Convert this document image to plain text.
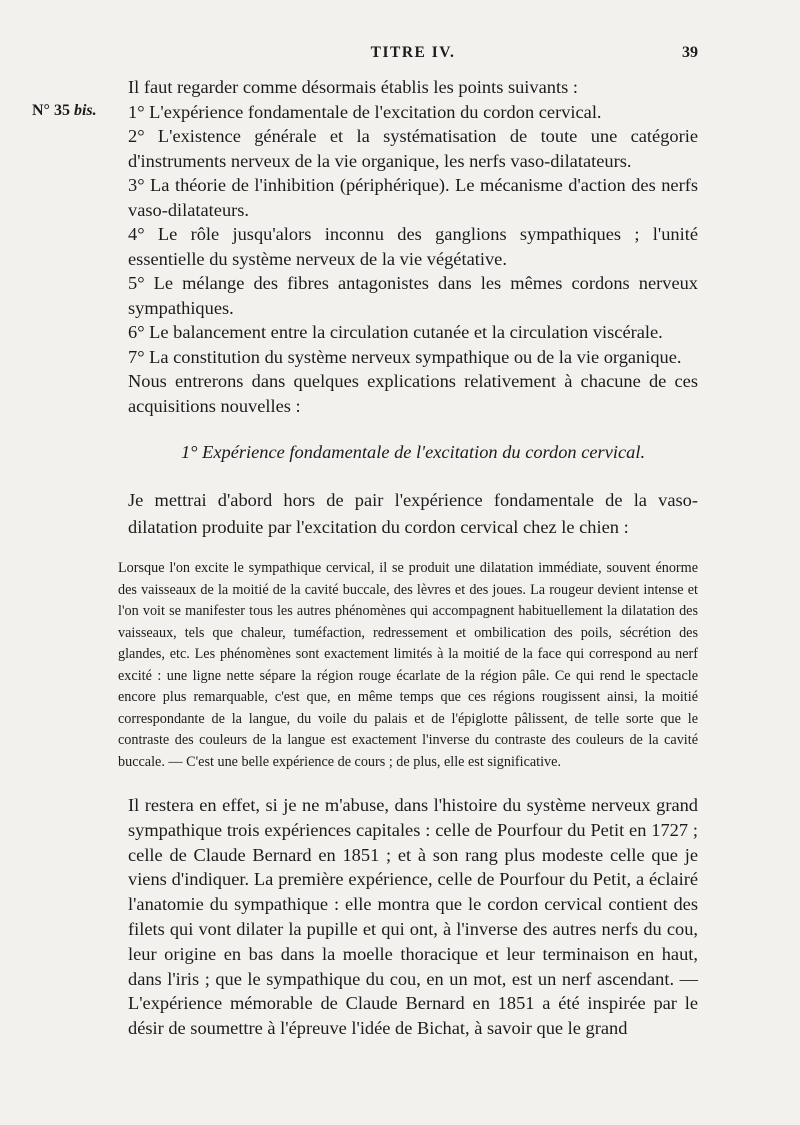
TITRE IV.	39
N° 35 bis.

Il faut regarder comme désormais établis les points suivants :

1° L'expérience fondamentale de l'excitation du cordon cervical.

2° L'existence générale et la systématisation de toute une catégorie d'instruments nerveux de la vie organique, les nerfs vaso-dilatateurs.

3° La théorie de l'inhibition (périphérique). Le mécanisme d'action des nerfs vaso-dilatateurs.

4° Le rôle jusqu'alors inconnu des ganglions sympathiques ; l'unité essentielle du système nerveux de la vie végétative.

5° Le mélange des fibres antagonistes dans les mêmes cordons nerveux sympathiques.

6° Le balancement entre la circulation cutanée et la circulation viscérale.

7° La constitution du système nerveux sympathique ou de la vie organique.

Nous entrerons dans quelques explications relativement à chacune de ces acquisitions nouvelles :

1° Expérience fondamentale de l'excitation du cordon cervical.

Je mettrai d'abord hors de pair l'expérience fondamentale de la vaso-dilatation produite par l'excitation du cordon cervical chez le chien :

Lorsque l'on excite le sympathique cervical, il se produit une dilatation immédiate, souvent énorme des vaisseaux de la moitié de la cavité buccale, des lèvres et des joues. La rougeur devient intense et l'on voit se manifester tous les autres phénomènes qui accompagnent habituellement la dilatation des vaisseaux, tels que chaleur, tuméfaction, redressement et ombilication des poils, sécrétion des glandes, etc. Les phénomènes sont exactement limités à la moitié de la face qui correspond au nerf excité : une ligne nette sépare la région rouge écarlate de la région pâle. Ce qui rend le spectacle encore plus remarquable, c'est que, en même temps que ces régions rougissent ainsi, la moitié correspondante de la langue, du voile du palais et de l'épiglotte pâlissent, de telle sorte que le contraste des couleurs de la langue est exactement l'inverse du contraste des couleurs de la cavité buccale. — C'est une belle expérience de cours ; de plus, elle est significative.

Il restera en effet, si je ne m'abuse, dans l'histoire du système nerveux grand sympathique trois expériences capitales : celle de Pourfour du Petit en 1727 ; celle de Claude Bernard en 1851 ; et à son rang plus modeste celle que je viens d'indiquer. La première expérience, celle de Pourfour du Petit, a éclairé l'anatomie du sympathique : elle montra que le cordon cervical contient des filets qui vont dilater la pupille et qui ont, à l'inverse des autres nerfs du cou, leur origine en bas dans la moelle thoracique et leur terminaison en haut, dans l'iris ; que le sympathique du cou, en un mot, est un nerf ascendant. — L'expérience mémorable de Claude Bernard en 1851 a été inspirée par le désir de soumettre à l'épreuve l'idée de Bichat, à savoir que le grand
